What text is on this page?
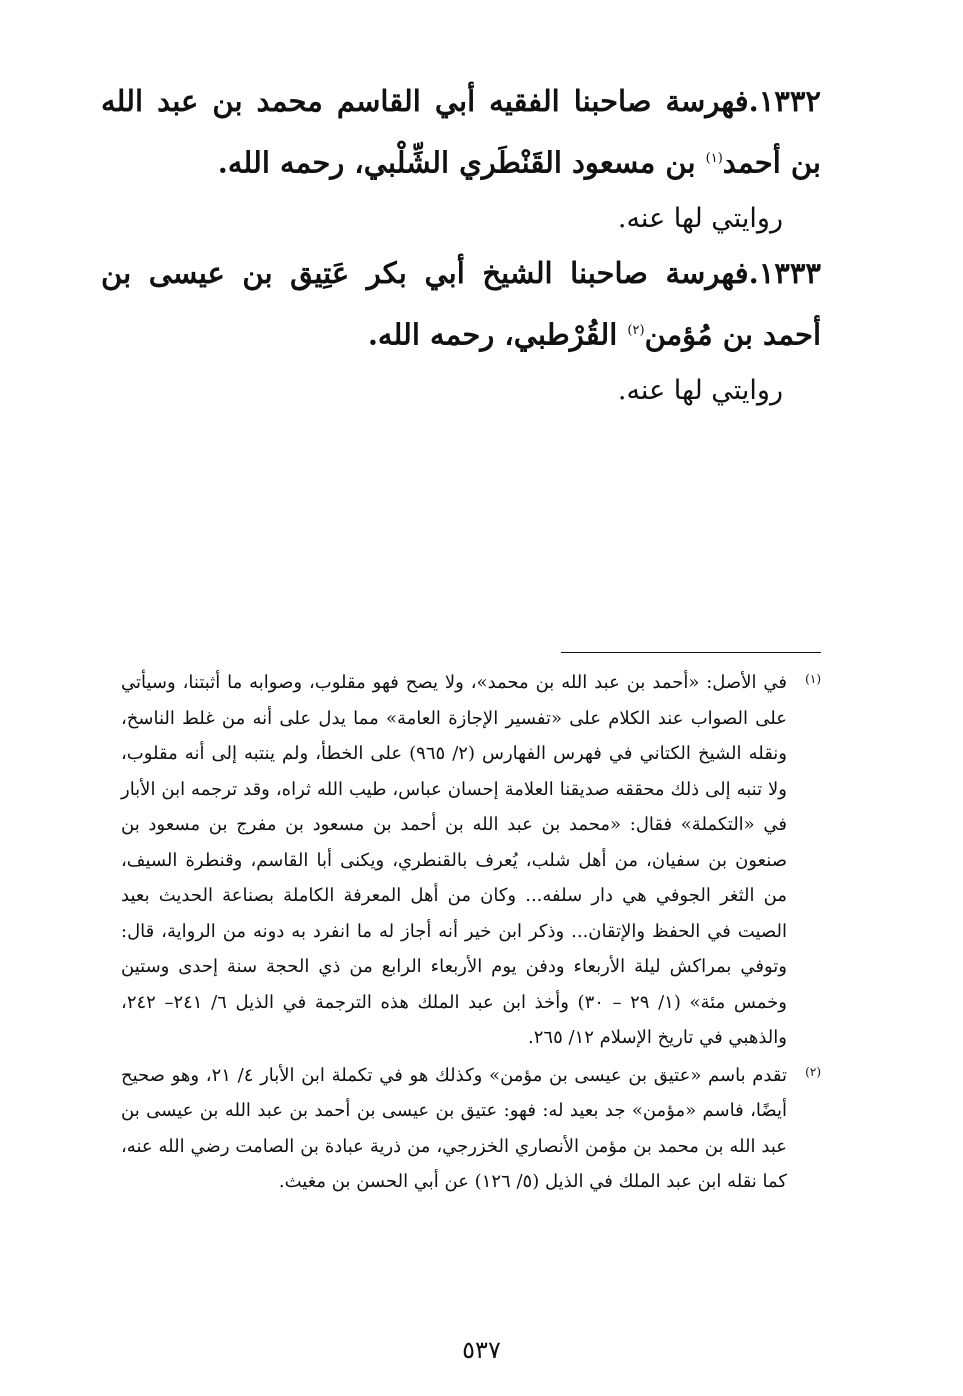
١٣٣٢.فهرسة صاحبنا الفقيه أبي القاسم محمد بن عبد الله بن أحمد$^{(١)}$ بن مسعود القَنْطَري الشِّلْبي، رحمه الله.
روايتي لها عنه.
١٣٣٣.فهرسة صاحبنا الشيخ أبي بكر عَتِيق بن عيسى بن أحمد بن مُؤمن$^{(٢)}$ القُرْطبي، رحمه الله.
روايتي لها عنه.
(١)
في الأصل: «أحمد بن عبد الله بن محمد»، ولا يصح فهو مقلوب، وصوابه ما أثبتنا، وسيأتي على الصواب عند الكلام على «تفسير الإجازة العامة» مما يدل على أنه من غلط الناسخ، ونقله الشيخ الكتاني في فهرس الفهارس (٢/ ٩٦٥) على الخطأ، ولم ينتبه إلى أنه مقلوب، ولا تنبه إلى ذلك محققه صديقنا العلامة إحسان عباس، طيب الله ثراه، وقد ترجمه ابن الأبار في «التكملة» فقال: «محمد بن عبد الله بن أحمد بن مسعود بن مفرج بن مسعود بن صنعون بن سفيان، من أهل شلب، يُعرف بالقنطري، ويكنى أبا القاسم، وقنطرة السيف، من الثغر الجوفي هي دار سلفه... وكان من أهل المعرفة الكاملة بصناعة الحديث بعيد الصيت في الحفظ والإتقان... وذكر ابن خير أنه أجاز له ما انفرد به دونه من الرواية، قال: وتوفي بمراكش ليلة الأربعاء ودفن يوم الأربعاء الرابع من ذي الحجة سنة إحدى وستين وخمس مئة» (١/ ٢٩ – ٣٠) وأخذ ابن عبد الملك هذه الترجمة في الذيل ٦/ ٢٤١– ٢٤٢، والذهبي في تاريخ الإسلام ١٢/ ٢٦٥.
(٢)
تقدم باسم «عتيق بن عيسى بن مؤمن» وكذلك هو في تكملة ابن الأبار ٤/ ٢١، وهو صحيح أيضًا، فاسم «مؤمن» جد بعيد له: فهو: عتيق بن عيسى بن أحمد بن عبد الله بن عيسى بن عبد الله بن محمد بن مؤمن الأنصاري الخزرجي، من ذرية عبادة بن الصامت رضي الله عنه، كما نقله ابن عبد الملك في الذيل (٥/ ١٢٦) عن أبي الحسن بن مغيث.
٥٣٧
